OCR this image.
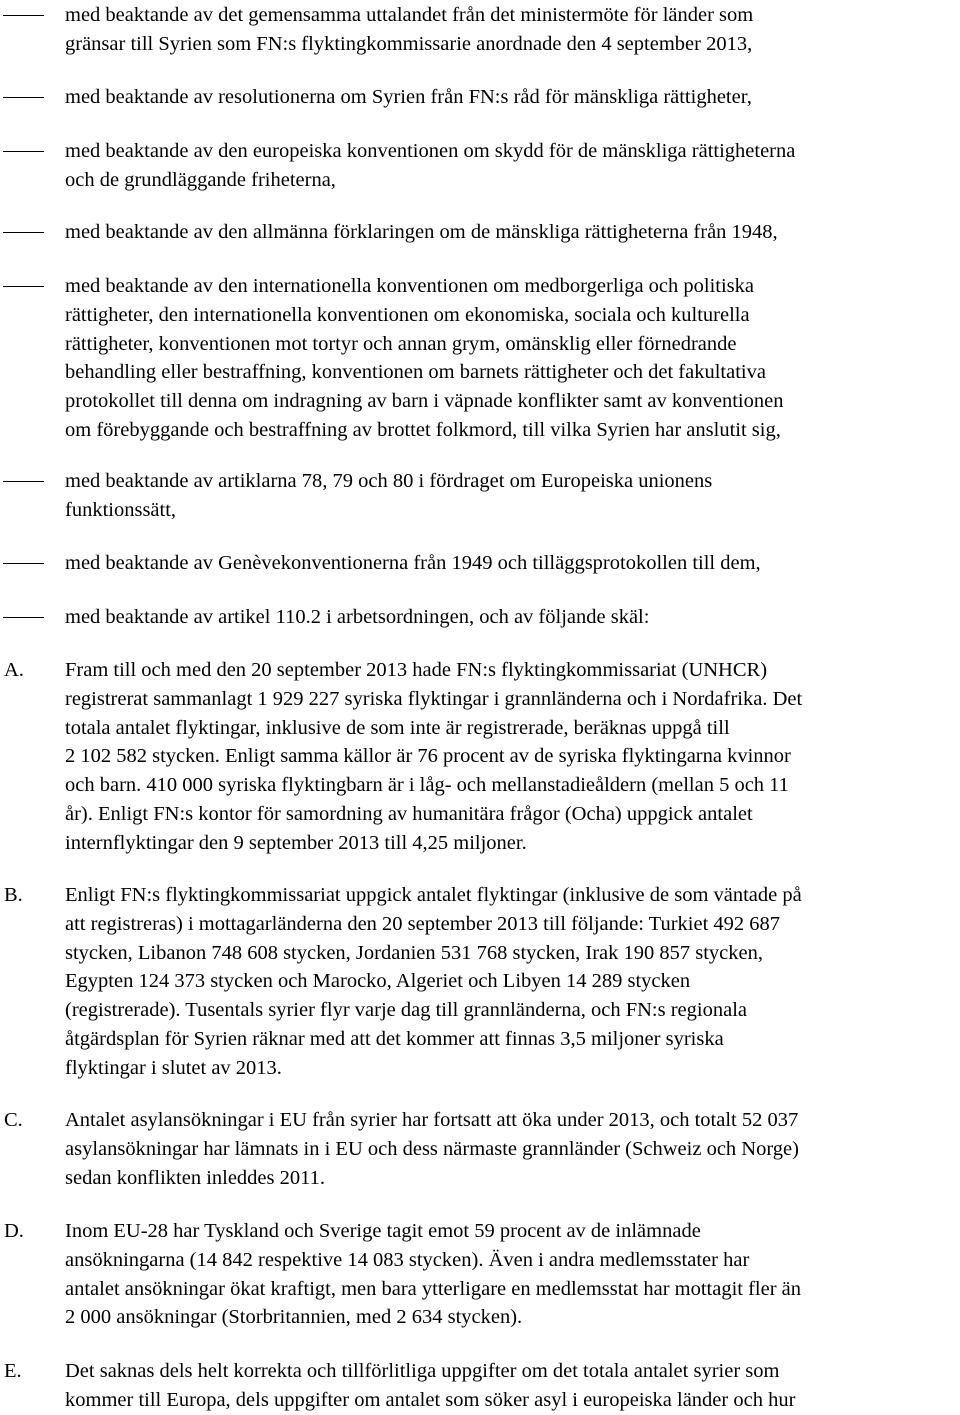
med beaktande av det gemensamma uttalandet från det ministermöte för länder som
gränsar till Syrien som FN:s flyktingkommissarie anordnade den 4 september 2013,
med beaktande av resolutionerna om Syrien från FN:s råd för mänskliga rättigheter,
med beaktande av den europeiska konventionen om skydd för de mänskliga rättigheterna
och de grundläggande friheterna,
med beaktande av den allmänna förklaringen om de mänskliga rättigheterna från 1948,
med beaktande av den internationella konventionen om medborgerliga och politiska
rättigheter, den internationella konventionen om ekonomiska, sociala och kulturella
rättigheter, konventionen mot tortyr och annan grym, omänsklig eller förnedrande
behandling eller bestraffning, konventionen om barnets rättigheter och det fakultativa
protokollet till denna om indragning av barn i väpnade konflikter samt av konventionen
om förebyggande och bestraffning av brottet folkmord, till vilka Syrien har anslutit sig,
med beaktande av artiklarna 78, 79 och 80 i fördraget om Europeiska unionens
funktionssätt,
med beaktande av Genèvekonventionerna från 1949 och tilläggsprotokollen till dem,
med beaktande av artikel 110.2 i arbetsordningen, och av följande skäl:
A. Fram till och med den 20 september 2013 hade FN:s flyktingkommissariat (UNHCR)
registrerat sammanlagt 1 929 227 syriska flyktingar i grannländerna och i Nordafrika. Det
totala antalet flyktingar, inklusive de som inte är registrerade, beräknas uppgå till
2 102 582 stycken. Enligt samma källor är 76 procent av de syriska flyktingarna kvinnor
och barn. 410 000 syriska flyktingbarn är i låg- och mellanstadieåldern (mellan 5 och 11
år). Enligt FN:s kontor för samordning av humanitära frågor (Ocha) uppgick antalet
internflyktingar den 9 september 2013 till 4,25 miljoner.
B. Enligt FN:s flyktingkommissariat uppgick antalet flyktingar (inklusive de som väntade på
att registreras) i mottagarländerna den 20 september 2013 till följande: Turkiet 492 687
stycken, Libanon 748 608 stycken, Jordanien 531 768 stycken, Irak 190 857 stycken,
Egypten 124 373 stycken och Marocko, Algeriet och Libyen 14 289 stycken
(registrerade). Tusentals syrier flyr varje dag till grannländerna, och FN:s regionala
åtgärdsplan för Syrien räknar med att det kommer att finnas 3,5 miljoner syriska
flyktingar i slutet av 2013.
C. Antalet asylansökningar i EU från syrier har fortsatt att öka under 2013, och totalt 52 037
asylansökningar har lämnats in i EU och dess närmaste grannländer (Schweiz och Norge)
sedan konflikten inleddes 2011.
D. Inom EU-28 har Tyskland och Sverige tagit emot 59 procent av de inlämnade
ansökningarna (14 842 respektive 14 083 stycken). Även i andra medlemsstater har
antalet ansökningar ökat kraftigt, men bara ytterligare en medlemsstat har mottagit fler än
2 000 ansökningar (Storbritannien, med 2 634 stycken).
E. Det saknas dels helt korrekta och tillförlitliga uppgifter om det totala antalet syrier som
kommer till Europa, dels uppgifter om antalet som söker asyl i europeiska länder och hur
